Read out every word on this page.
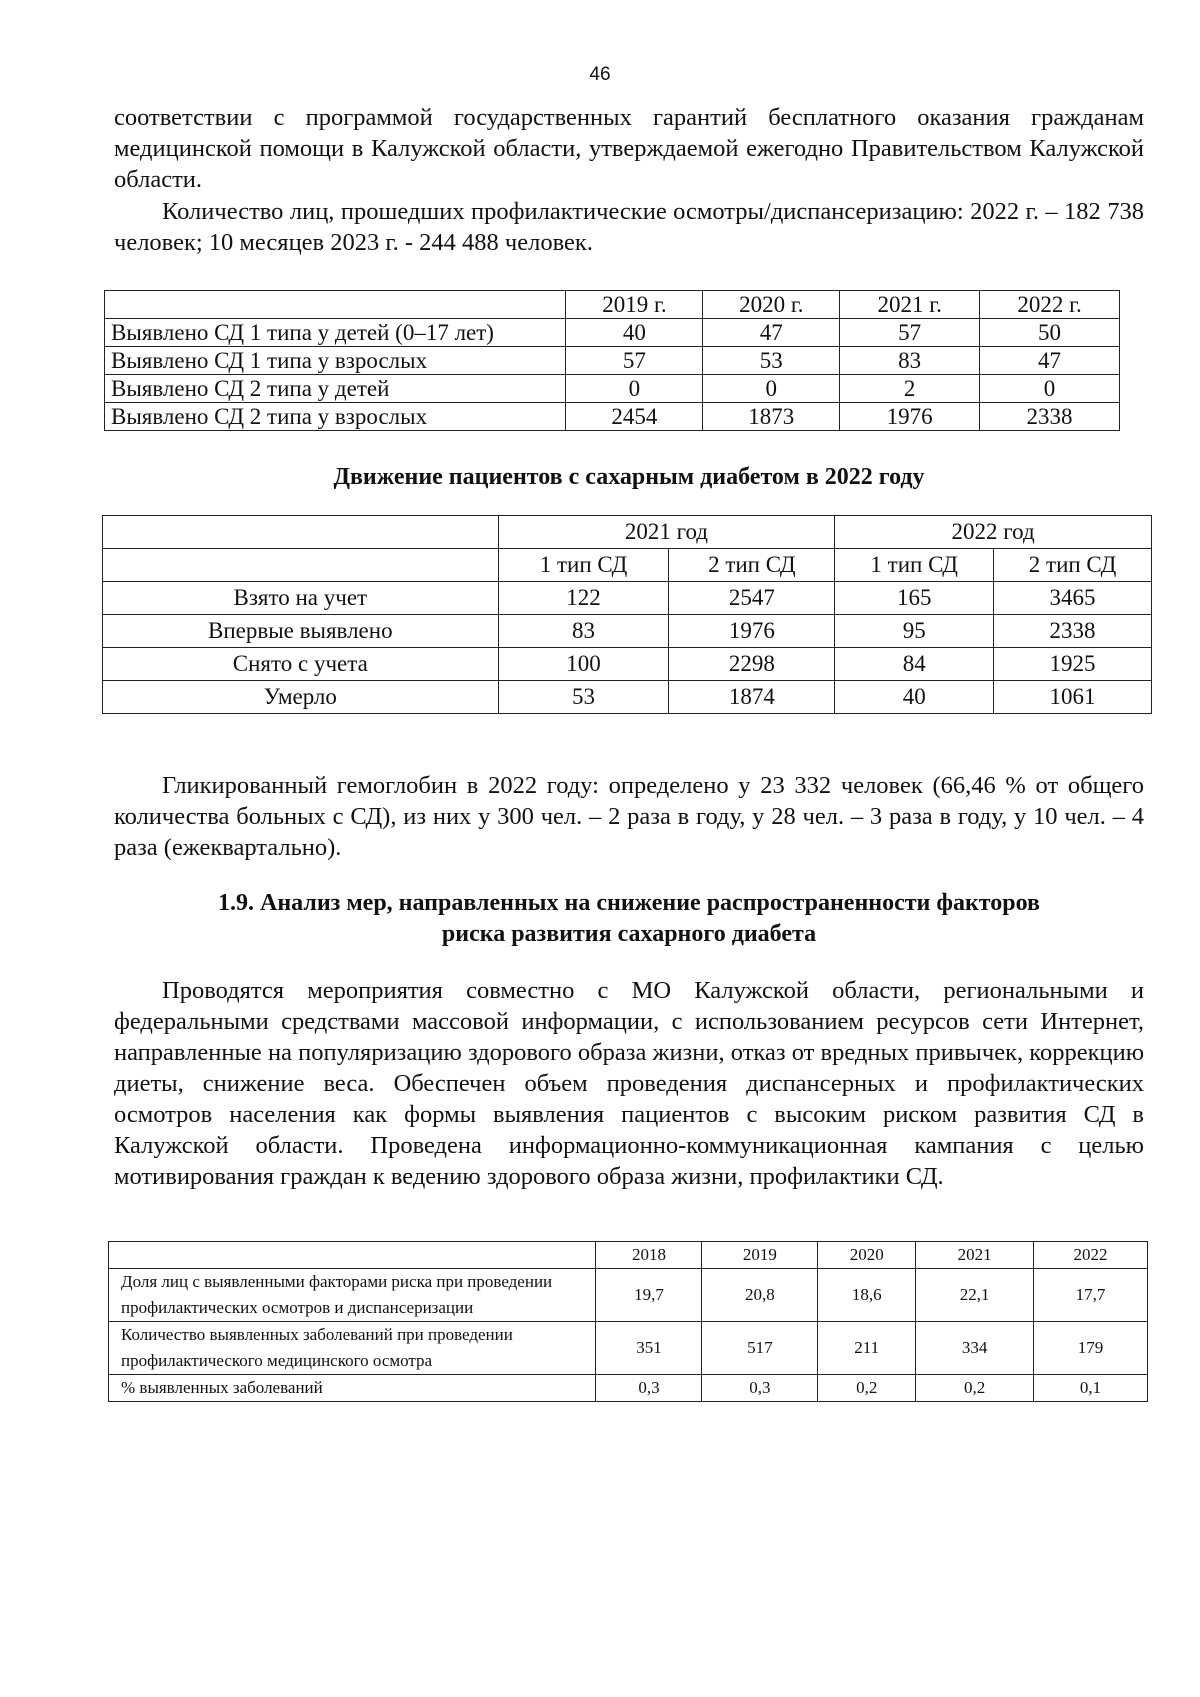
46

соответствии с программой государственных гарантий бесплатного оказания гражданам медицинской помощи в Калужской области, утверждаемой ежегодно Правительством Калужской области.

Количество лиц, прошедших профилактические осмотры/диспансеризацию: 2022 г. – 182 738 человек; 10 месяцев 2023 г. - 244 488 человек.

	2019 г.	2020 г.	2021 г.	2022 г.
Выявлено СД 1 типа у детей (0–17 лет)	40	47	57	50
Выявлено СД 1 типа у взрослых	57	53	83	47
Выявлено СД 2 типа у детей	0	0	2	0
Выявлено СД 2 типа у взрослых	2454	1873	1976	2338
Движение пациентов с сахарным диабетом в 2022 году
	2021 год		2022 год	
	1 тип СД	2 тип СД	1 тип СД	2 тип СД
Взято на учет	122	2547	165	3465
Впервые выявлено	83	1976	95	2338
Снято с учета	100	2298	84	1925
Умерло	53	1874	40	1061

Гликированный гемоглобин в 2022 году: определено у 23 332 человек (66,46 % от общего количества больных с СД), из них у 300 чел. – 2 раза в году, у 28 чел. – 3 раза в году, у 10 чел. – 4 раза (ежеквартально).

1.9. Анализ мер, направленных на снижение распространенности факторов
риска развития сахарного диабета

Проводятся мероприятия совместно с МО Калужской области, региональными и федеральными средствами массовой информации, с использованием ресурсов сети Интернет, направленные на популяризацию здорового образа жизни, отказ от вредных привычек, коррекцию диеты, снижение веса. Обеспечен объем проведения диспансерных и профилактических осмотров населения как формы выявления пациентов с высоким риском развития СД в Калужской области. Проведена информационно-коммуникационная кампания с целью мотивирования граждан к ведению здорового образа жизни, профилактики СД.

	2018	2019	2020	2021	2022
Доля лиц с выявленными факторами риска при проведении профилактических осмотров и диспансеризации	19,7	20,8	18,6	22,1	17,7
Количество выявленных заболеваний при проведении профилактического медицинского осмотра	351	517	211	334	179
% выявленных заболеваний	0,3	0,3	0,2	0,2	0,1
